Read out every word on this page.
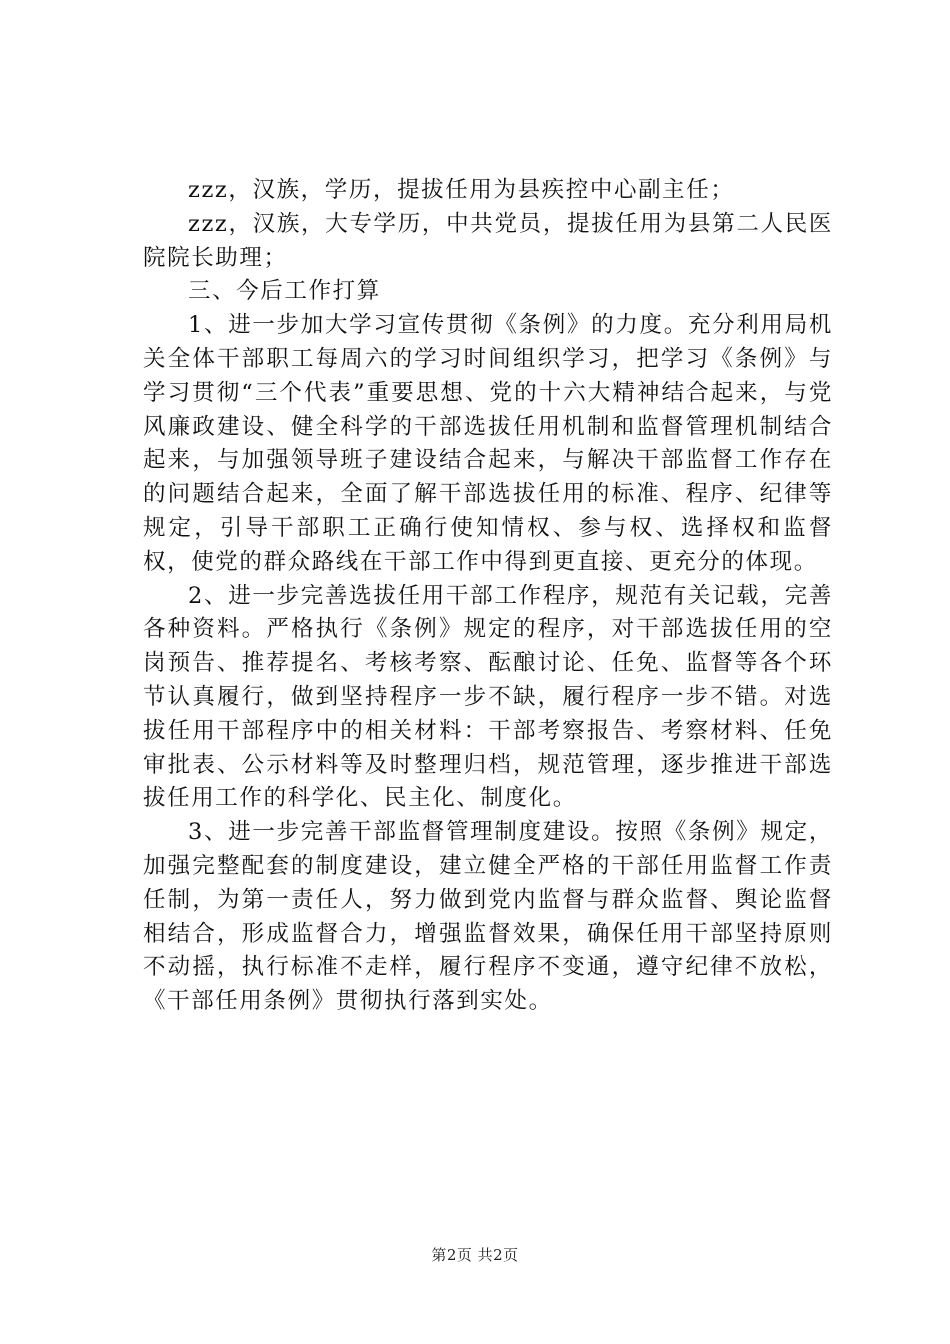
zzz，汉族，学历，提拔任用为县疾控中心副主任；

zzz，汉族，大专学历，中共党员，提拔任用为县第二人民医院院长助理；

三、今后工作打算

1、进一步加大学习宣传贯彻《条例》的力度。充分利用局机关全体干部职工每周六的学习时间组织学习，把学习《条例》与学习贯彻“三个代表”重要思想、党的十六大精神结合起来，与党风廉政建设、健全科学的干部选拔任用机制和监督管理机制结合起来，与加强领导班子建设结合起来，与解决干部监督工作存在的问题结合起来，全面了解干部选拔任用的标准、程序、纪律等规定，引导干部职工正确行使知情权、参与权、选择权和监督权，使党的群众路线在干部工作中得到更直接、更充分的体现。

2、进一步完善选拔任用干部工作程序，规范有关记载，完善各种资料。严格执行《条例》规定的程序，对干部选拔任用的空岗预告、推荐提名、考核考察、酝酿讨论、任免、监督等各个环节认真履行，做到坚持程序一步不缺，履行程序一步不错。对选拔任用干部程序中的相关材料：干部考察报告、考察材料、任免审批表、公示材料等及时整理归档，规范管理，逐步推进干部选拔任用工作的科学化、民主化、制度化。

3、进一步完善干部监督管理制度建设。按照《条例》规定，加强完整配套的制度建设，建立健全严格的干部任用监督工作责任制，为第一责任人，努力做到党内监督与群众监督、舆论监督相结合，形成监督合力，增强监督效果，确保任用干部坚持原则不动摇，执行标准不走样，履行程序不变通，遵守纪律不放松，《干部任用条例》贯彻执行落到实处。

第2页 共2页
